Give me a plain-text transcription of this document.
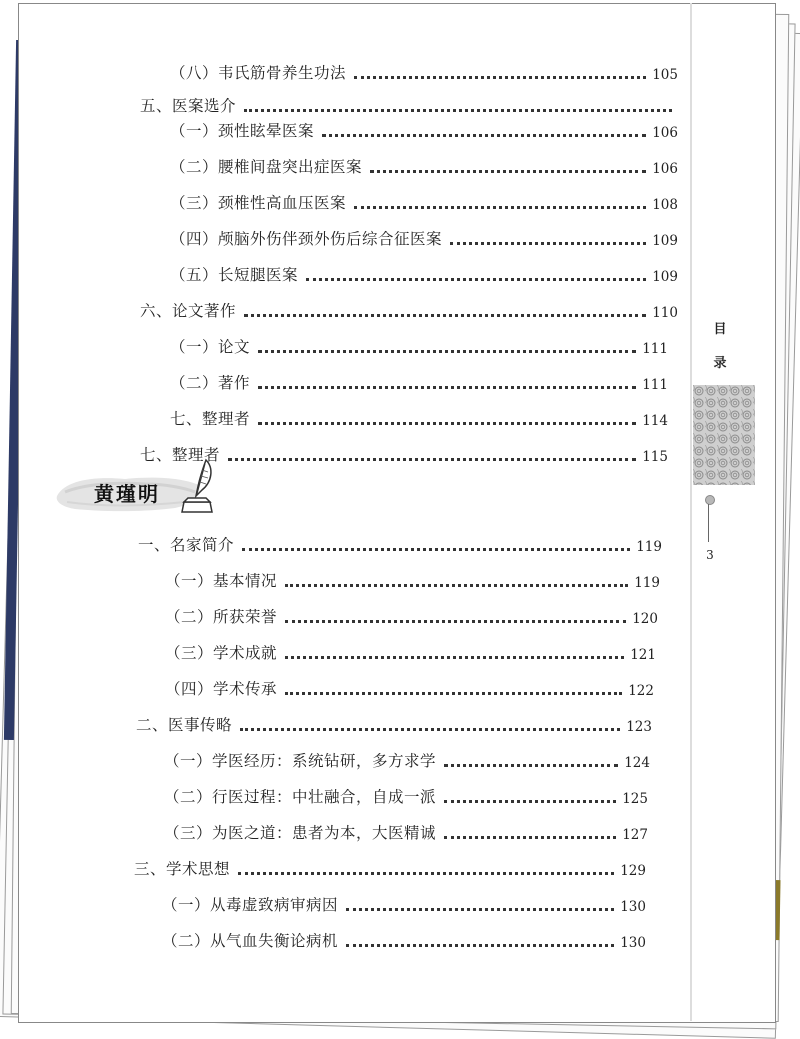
（八）韦氏筋骨养生功法	105
五、医案选介
（一）颈性眩晕医案	106
（二）腰椎间盘突出症医案	106
（三）颈椎性高血压医案	108
（四）颅脑外伤伴颈外伤后综合征医案	109
（五）长短腿医案	109
六、论文著作	110
（一）论文	111
（二）著作	111
七、整理者	114
七、整理者	115
黄瑾明
一、名家简介	119
（一）基本情况	119
（二）所获荣誉	120
（三）学术成就	121
（四）学术传承	122
二、医事传略	123
（一）学医经历：系统钻研，多方求学	124
（二）行医过程：中壮融合，自成一派	125
（三）为医之道：患者为本，大医精诚	127
三、学术思想	129
（一）从毒虚致病审病因	130
（二）从气血失衡论病机	130
目
录
3
